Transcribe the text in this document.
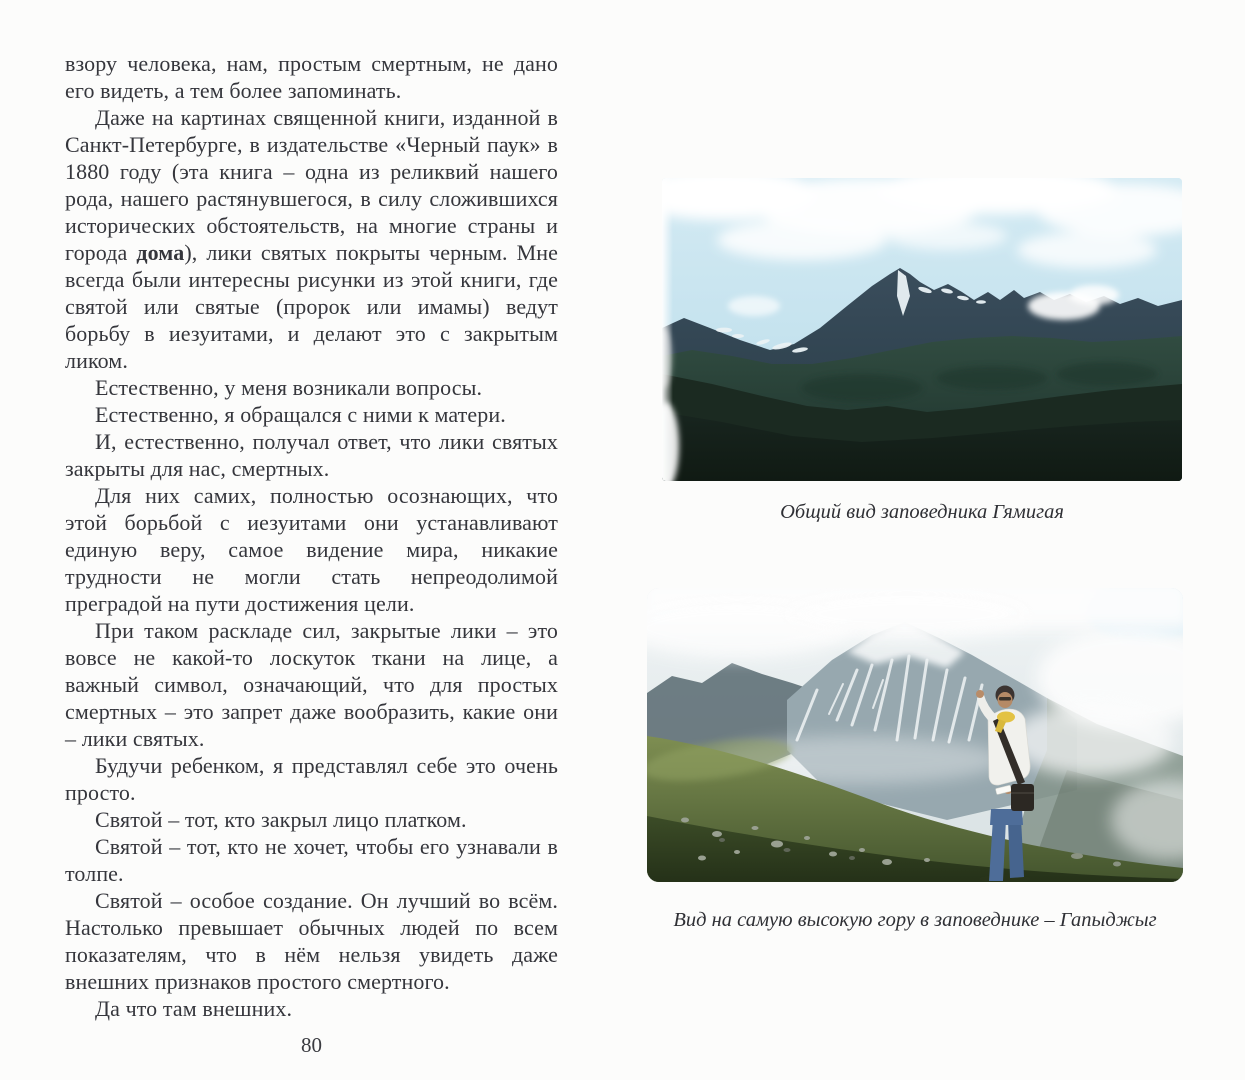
взору человека, нам, простым смертным, не дано его видеть, а тем более запоминать.

Даже на картинах священной книги, изданной в Санкт-Петербурге, в издательстве «Черный паук» в 1880 году (эта книга – одна из реликвий нашего рода, нашего растянувшегося, в силу сложившихся исторических обстоятельств, на многие страны и города дома), лики святых покрыты черным. Мне всегда были интересны рисунки из этой книги, где святой или святые (пророк или имамы) ведут борьбу в иезуитами, и делают это с закрытым ликом.

Естественно, у меня возникали вопросы.

Естественно, я обращался с ними к матери.

И, естественно, получал ответ, что лики святых закрыты для нас, смертных.

Для них самих, полностью осознающих, что этой борьбой с иезуитами они устанавливают единую веру, самое видение мира, никакие трудности не могли стать непреодолимой преградой на пути достижения цели.

При таком раскладе сил, закрытые лики – это вовсе не какой-то лоскуток ткани на лице, а важный символ, означающий, что для простых смертных – это запрет даже вообразить, какие они – лики святых.

Будучи ребенком, я представлял себе это очень просто.

Святой – тот, кто закрыл лицо платком.

Святой – тот, кто не хочет, чтобы его узнавали в толпе.

Святой – особое создание. Он лучший во всём. Настолько превышает обычных людей по всем показателям, что в нём нельзя увидеть даже внешних признаков простого смертного.

Да что там внешних.

Общий вид заповедника Гямигая
Вид на самую высокую гору в заповеднике – Гапыджыг
80
